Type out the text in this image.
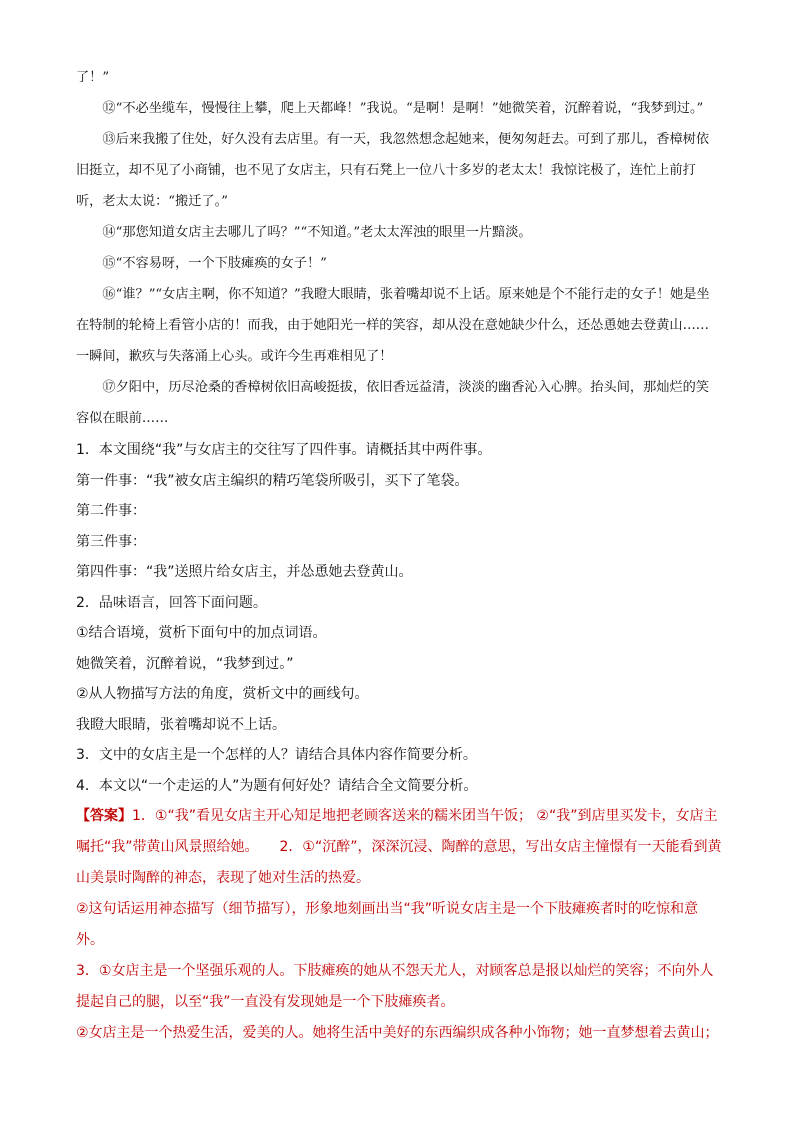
了！”

⑫“不必坐缆车，慢慢往上攀，爬上天都峰！”我说。“是啊！是啊！”她微笑着，沉醉着说，“我梦到过。”

⑬后来我搬了住处，好久没有去店里。有一天，我忽然想念起她来，便匆匆赶去。可到了那儿，香樟树依旧挺立，却不见了小商铺，也不见了女店主，只有石凳上一位八十多岁的老太太！我惊诧极了，连忙上前打听，老太太说：“搬迁了。”

⑭“那您知道女店主去哪儿了吗？”“不知道。”老太太浑浊的眼里一片黯淡。

⑮“不容易呀，一个下肢瘫痪的女子！”

⑯“谁？”“女店主啊，你不知道？”我瞪大眼睛，张着嘴却说不上话。原来她是个不能行走的女子！她是坐在特制的轮椅上看管小店的！而我，由于她阳光一样的笑容，却从没在意她缺少什么，还怂恿她去登黄山……一瞬间，歉疚与失落涌上心头。或许今生再难相见了！

⑰夕阳中，历尽沧桑的香樟树依旧高峻挺拔，依旧香远益清，淡淡的幽香沁入心脾。抬头间，那灿烂的笑容似在眼前……

1．本文围绕“我”与女店主的交往写了四件事。请概括其中两件事。

第一件事：“我”被女店主编织的精巧笔袋所吸引，买下了笔袋。

第二件事：

第三件事：

第四件事：“我”送照片给女店主，并怂恿她去登黄山。

2．品味语言，回答下面问题。

①结合语境，赏析下面句中的加点词语。

她微笑着，沉醉着说，“我梦到过。”

②从人物描写方法的角度，赏析文中的画线句。

我瞪大眼睛，张着嘴却说不上话。

3．文中的女店主是一个怎样的人？请结合具体内容作简要分析。

4．本文以“一个走运的人”为题有何好处？请结合全文简要分析。

【答案】1．①“我”看见女店主开心知足地把老顾客送来的糯米团当午饭； ②“我”到店里买发卡，女店主嘱托“我”带黄山风景照给她。　　2．①“沉醉”，深深沉浸、陶醉的意思，写出女店主憧憬有一天能看到黄山美景时陶醉的神态，表现了她对生活的热爱。

②这句话运用神态描写（细节描写），形象地刻画出当“我”听说女店主是一个下肢瘫痪者时的吃惊和意外。

3．①女店主是一个坚强乐观的人。下肢瘫痪的她从不怨天尤人，对顾客总是报以灿烂的笑容；不向外人提起自己的腿，以至“我”一直没有发现她是一个下肢瘫痪者。

②女店主是一个热爱生活，爱美的人。她将生活中美好的东西编织成各种小饰物；她一直梦想着去黄山；
